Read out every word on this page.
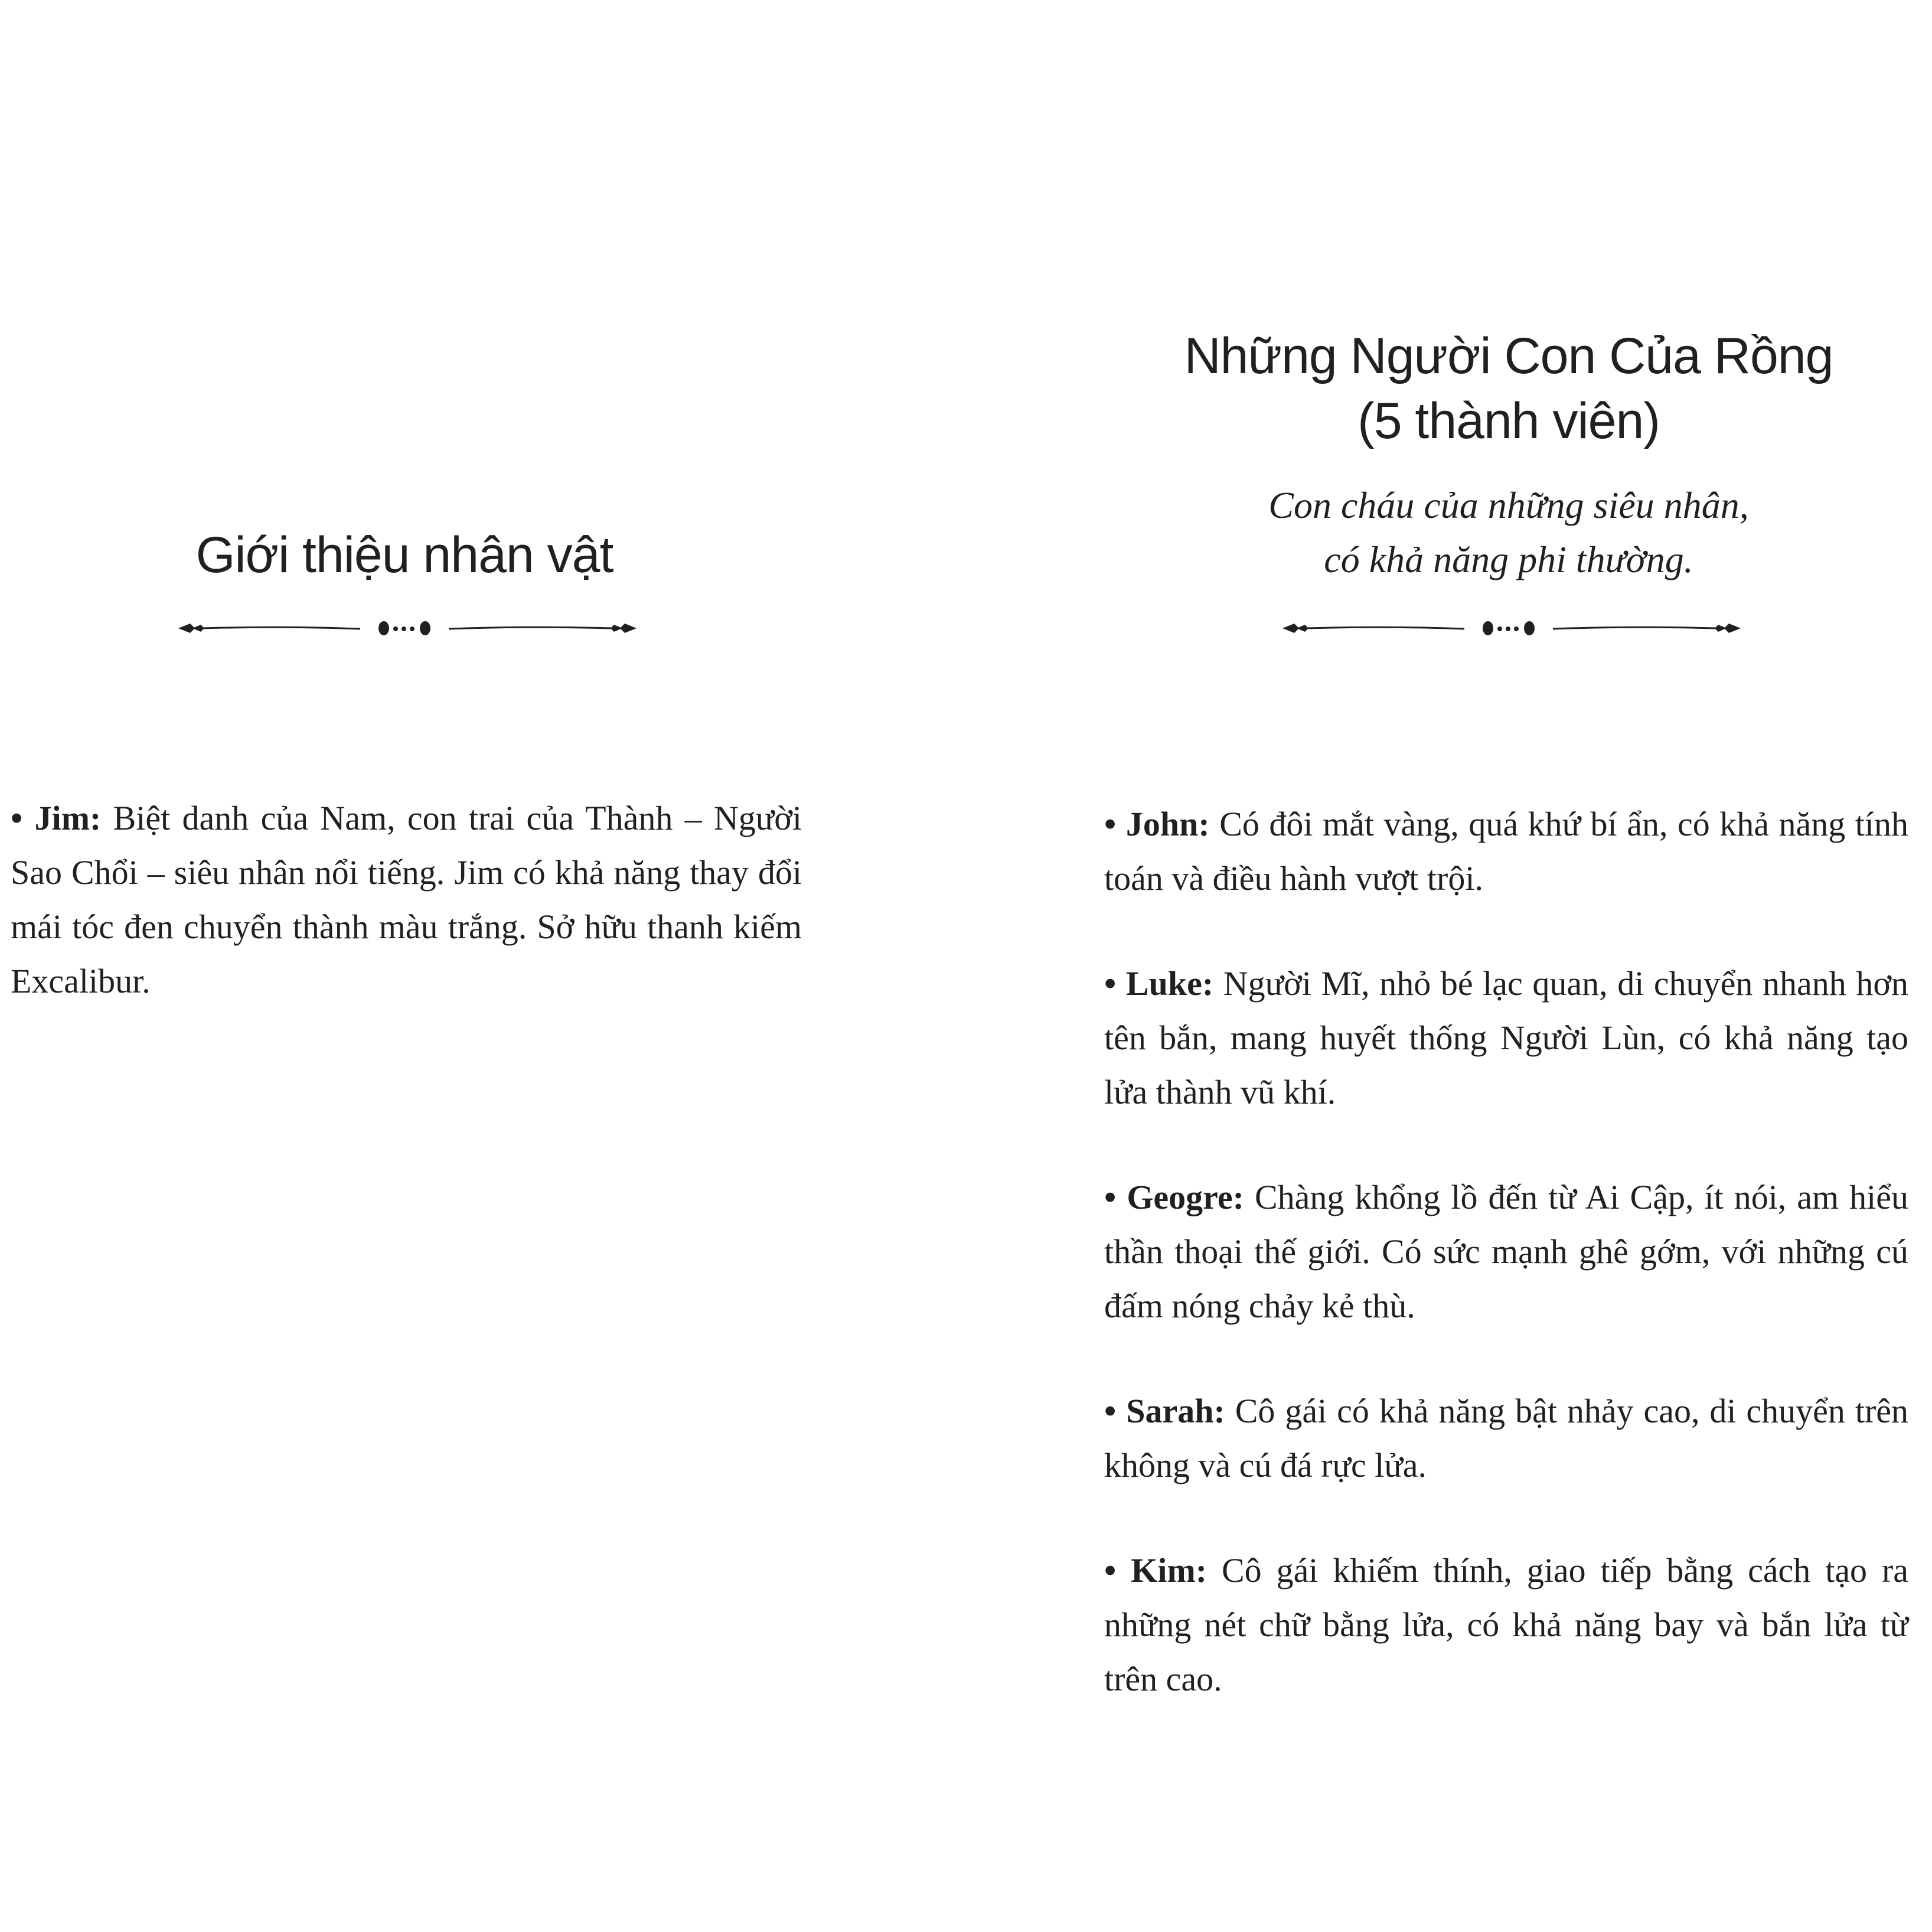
Giới thiệu nhân vật
• Jim: Biệt danh của Nam, con trai của Thành – Người Sao Chổi – siêu nhân nổi tiếng. Jim có khả năng thay đổi mái tóc đen chuyển thành màu trắng. Sở hữu thanh kiếm Excalibur.
Những Người Con Của Rồng
(5 thành viên)

Con cháu của những siêu nhân,
có khả năng phi thường.

• John: Có đôi mắt vàng, quá khứ bí ẩn, có khả năng tính toán và điều hành vượt trội.
• Luke: Người Mĩ, nhỏ bé lạc quan, di chuyển nhanh hơn tên bắn, mang huyết thống Người Lùn, có khả năng tạo lửa thành vũ khí.
• Geogre: Chàng khổng lồ đến từ Ai Cập, ít nói, am hiểu thần thoại thế giới. Có sức mạnh ghê gớm, với những cú đấm nóng chảy kẻ thù.
• Sarah: Cô gái có khả năng bật nhảy cao, di chuyển trên không và cú đá rực lửa.
• Kim: Cô gái khiếm thính, giao tiếp bằng cách tạo ra những nét chữ bằng lửa, có khả năng bay và bắn lửa từ trên cao.
